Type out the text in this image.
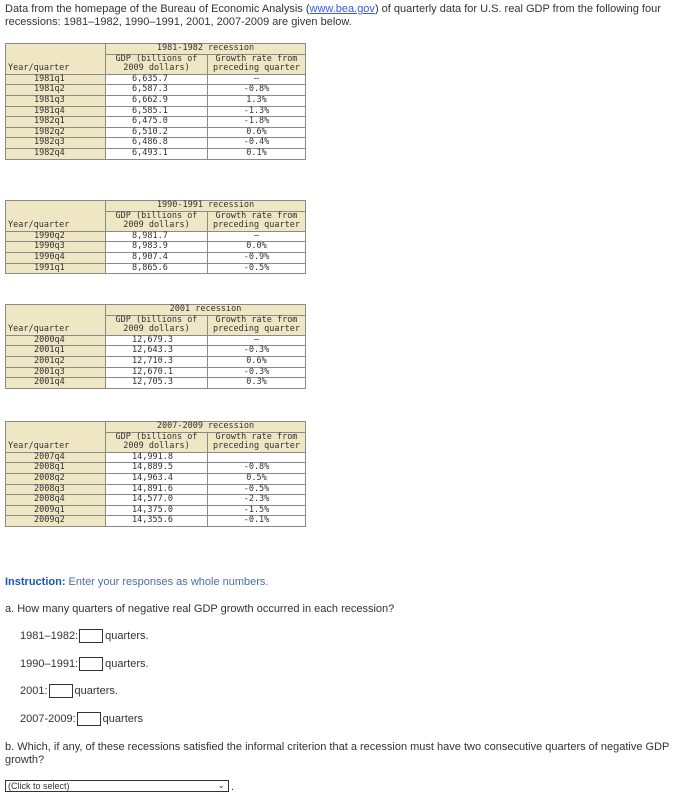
Data from the homepage of the Bureau of Economic Analysis (www.bea.gov) of quarterly data for U.S. real GDP from the following four recessions: 1981–1982, 1990–1991, 2001, 2007-2009 are given below.
Year/quarter	1981-1982 recession	
	GDP (billions of 2009 dollars)	Growth rate from preceding quarter
1981q1	6,635.7	–
1981q2	6,587.3	-0.8%
1981q3	6,662.9	1.3%
1981q4	6,585.1	-1.3%
1982q1	6,475.0	-1.8%
1982q2	6,510.2	0.6%
1982q3	6,486.8	-0.4%
1982q4	6,493.1	0.1%
Year/quarter	1990-1991 recession	
	GDP (billions of 2009 dollars)	Growth rate from preceding quarter
1990q2	8,981.7	–
1990q3	8,983.9	0.0%
1990q4	8,907.4	-0.9%
1991q1	8,865.6	-0.5%
Year/quarter	2001 recession	
	GDP (billions of 2009 dollars)	Growth rate from preceding quarter
2000q4	12,679.3	–
2001q1	12,643.3	-0.3%
2001q2	12,710.3	0.6%
2001q3	12,670.1	-0.3%
2001q4	12,705.3	0.3%
Year/quarter	2007-2009 recession	
	GDP (billions of 2009 dollars)	Growth rate from preceding quarter
2007q4	14,991.8	
2008q1	14,889.5	-0.8%
2008q2	14,963.4	0.5%
2008q3	14,891.6	-0.5%
2008q4	14,577.0	-2.3%
2009q1	14,375.0	-1.5%
2009q2	14,355.6	-0.1%
Instruction: Enter your responses as whole numbers.
a. How many quarters of negative real GDP growth occurred in each recession?
1981–1982: quarters.
1990–1991: quarters.
2001: quarters.
2007-2009: quarters
b. Which, if any, of these recessions satisfied the informal criterion that a recession must have two consecutive quarters of negative GDP growth?
(Click to select)	⌄ .
